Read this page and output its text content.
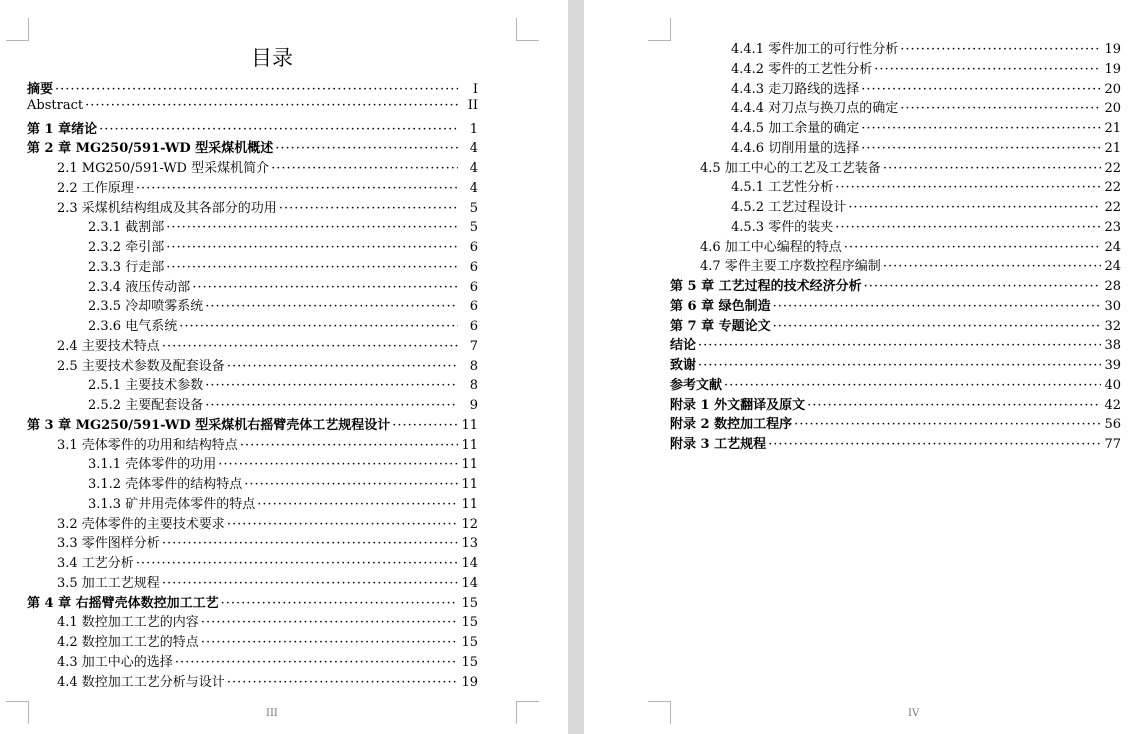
目录
摘要 ·····	I
Abstract ·····	II
第 1 章绪论 ·····	1
第 2 章 MG250/591-WD 型采煤机概述 ·····	4
2.1 MG250/591-WD 型采煤机简介 ·····	4
2.2 工作原理 ·····	4
2.3 采煤机结构组成及其各部分的功用 ·····	5
2.3.1 截割部 ·····	5
2.3.2 牵引部 ·····	6
2.3.3 行走部 ·····	6
2.3.4 液压传动部 ·····	6
2.3.5 冷却喷雾系统 ·····	6
2.3.6 电气系统 ·····	6
2.4 主要技术特点 ·····	7
2.5 主要技术参数及配套设备 ·····	8
2.5.1 主要技术参数 ·····	8
2.5.2 主要配套设备 ·····	9
第 3 章 MG250/591-WD 型采煤机右摇臂壳体工艺规程设计 ·····	11
3.1 壳体零件的功用和结构特点 ·····	11
3.1.1 壳体零件的功用 ·····	11
3.1.2 壳体零件的结构特点 ·····	11
3.1.3 矿井用壳体零件的特点 ·····	11
3.2 壳体零件的主要技术要求 ·····	12
3.3 零件图样分析 ·····	13
3.4 工艺分析 ·····	14
3.5 加工工艺规程 ·····	14
第 4 章 右摇臂壳体数控加工工艺 ·····	15
4.1 数控加工工艺的内容 ·····	15
4.2 数控加工工艺的特点 ·····	15
4.3 加工中心的选择 ·····	15
4.4 数控加工工艺分析与设计 ·····	19
III
4.4.1 零件加工的可行性分析 ·····	19
4.4.2 零件的工艺性分析 ·····	19
4.4.3 走刀路线的选择 ·····	20
4.4.4 对刀点与换刀点的确定 ·····	20
4.4.5 加工余量的确定 ·····	21
4.4.6 切削用量的选择 ·····	21
4.5 加工中心的工艺及工艺装备 ·····	22
4.5.1 工艺性分析 ·····	22
4.5.2 工艺过程设计 ·····	22
4.5.3 零件的装夹 ·····	23
4.6 加工中心编程的特点 ·····	24
4.7 零件主要工序数控程序编制 ·····	24
第 5 章 工艺过程的技术经济分析 ·····	28
第 6 章 绿色制造 ·····	30
第 7 章 专题论文 ·····	32
结论 ·····	38
致谢 ·····	39
参考文献 ·····	40
附录 1 外文翻译及原文 ·····	42
附录 2 数控加工程序 ·····	56
附录 3 工艺规程 ·····	77
IV
